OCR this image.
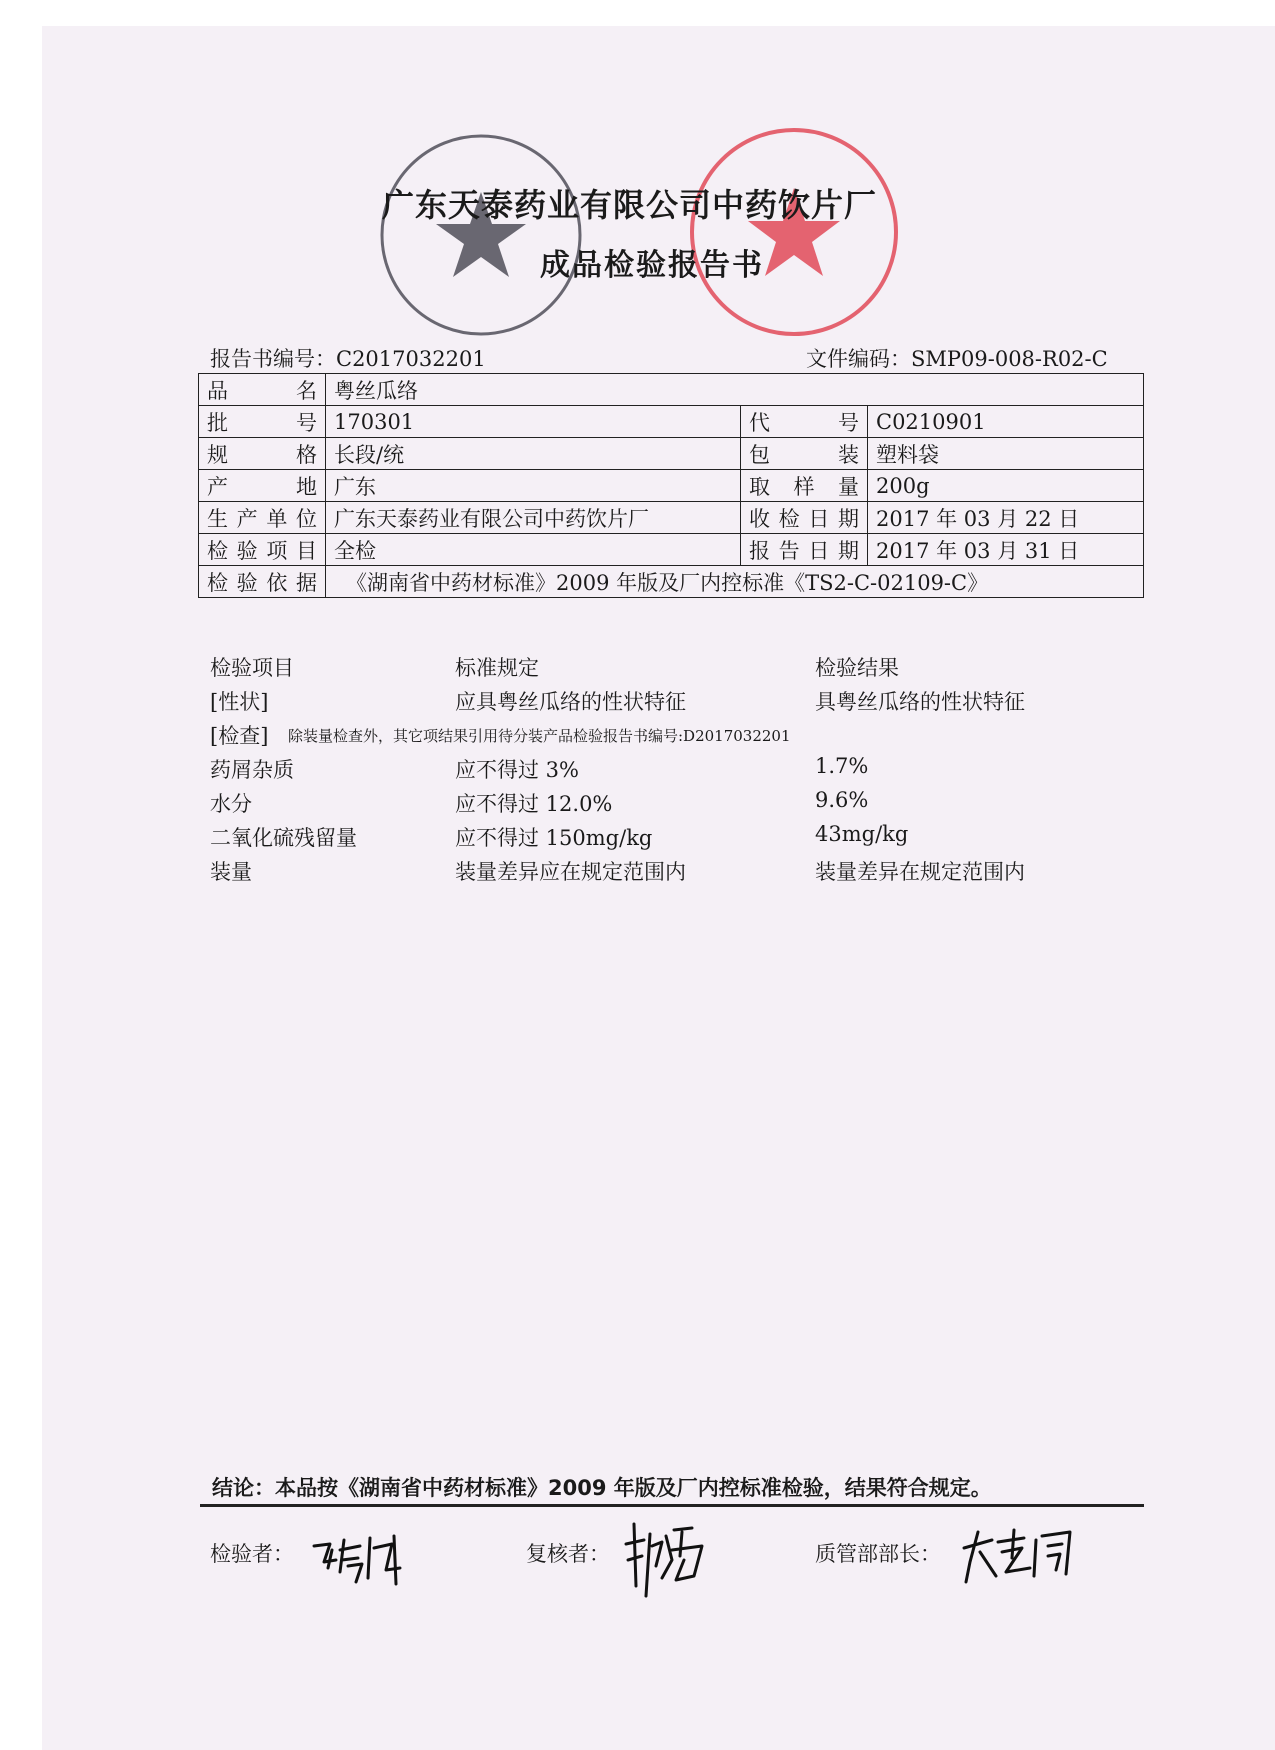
广东天泰药业有限公司中药饮片厂
成品检验报告书
报告书编号：C2017032201	文件编码：SMP09-008-R02-C
品名	粤丝瓜络		
批号	170301	代号	C0210901
规格	长段/统	包装	塑料袋
产地	广东	取样量	200g
生产单位	广东天泰药业有限公司中药饮片厂	收检日期	2017 年 03 月 22 日
检验项目	全检	报告日期	2017 年 03 月 31 日
检验依据	《湖南省中药材标准》2009 年版及厂内控标准《TS2-C-02109-C》		
检验项目	标准规定	检验结果
[性状]	应具粤丝瓜络的性状特征	具粤丝瓜络的性状特征
[检查] 除装量检查外，其它项结果引用待分装产品检验报告书编号:D2017032201
药屑杂质	应不得过 3%	1.7%
水分	应不得过 12.0%	9.6%
二氧化硫残留量	应不得过 150mg/kg	43mg/kg
装量	装量差异应在规定范围内	装量差异在规定范围内
结论：本品按《湖南省中药材标准》2009 年版及厂内控标准检验，结果符合规定。
检验者：	复核者：	质管部部长：
